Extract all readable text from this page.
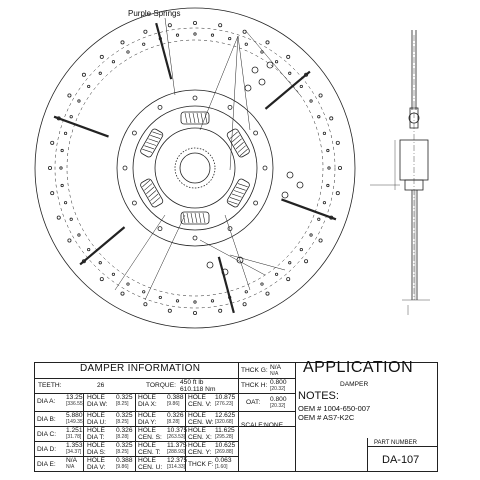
Purple Springs
DAMPER INFORMATION
TEETH:	26	TORQUE: 450 ft lb
610.118 Nm
DIA A:
13.25
[336.55]
HOLE
DIA W:
0.325
[8.25]
HOLE
DIA X:
0.388
[9.86]
HOLE
CEN. V:
10.875
[276.23]
DIA B:
5.880
[149.35]
HOLE
DIA U:
0.325
[8.25]
HOLE
DIA Y:
0.326
[8.28]
HOLE
CEN. W:
12.625
[320.68]
DIA C:
1.251
[31.78]
HOLE
DIA T:
0.326
[8.28]
HOLE
CEN. S:
10.375
[263.53]
HOLE
CEN. X:
11.625
[295.28]
DIA D:
1.353
[34.37]
HOLE
DIA S:
0.325
[8.25]
HOLE
CEN. T:
11.375
[288.93]
HOLE
CEN. Y:
10.625
[269.88]
DIA E:
N/A
N/A
HOLE
DIA V:
0.388
[9.86]
HOLE
CEN. U:
12.375
[314.33] THCK F:
0.063
[1.60]
THCK G: N/A
N/A
THCK H: 0.800
[20.32]
OAT: 0.800
[20.32]
SCALE: NONE
APPLICATION
DAMPER
NOTES:
OEM # 1004-650-007
OEM # AS7-K2C
PART NUMBER
DA-107
